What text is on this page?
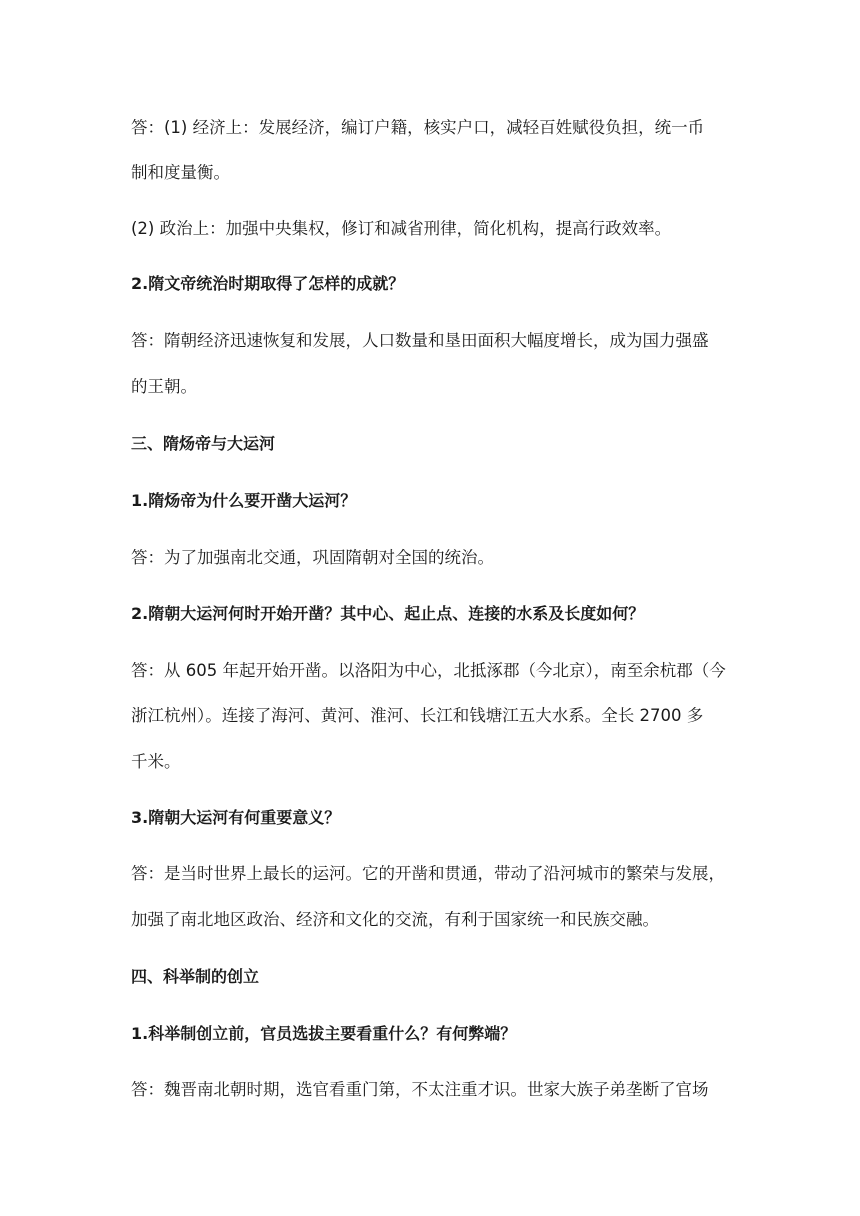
答：(1) 经济上：发展经济，编订户籍，核实户口，减轻百姓赋役负担，统一币
制和度量衡。
(2) 政治上：加强中央集权，修订和减省刑律，简化机构，提高行政效率。
2.隋文帝统治时期取得了怎样的成就？
答：隋朝经济迅速恢复和发展，人口数量和垦田面积大幅度增长，成为国力强盛
的王朝。
三、隋炀帝与大运河
1.隋炀帝为什么要开凿大运河？
答：为了加强南北交通，巩固隋朝对全国的统治。
2.隋朝大运河何时开始开凿？其中心、起止点、连接的水系及长度如何？
答：从 605 年起开始开凿。以洛阳为中心，北抵涿郡（今北京），南至余杭郡（今
浙江杭州）。连接了海河、黄河、淮河、长江和钱塘江五大水系。全长 2700 多
千米。
3.隋朝大运河有何重要意义？
答：是当时世界上最长的运河。它的开凿和贯通，带动了沿河城市的繁荣与发展，
加强了南北地区政治、经济和文化的交流，有利于国家统一和民族交融。
四、科举制的创立
1.科举制创立前，官员选拔主要看重什么？有何弊端？
答：魏晋南北朝时期，选官看重门第，不太注重才识。世家大族子弟垄断了官场
